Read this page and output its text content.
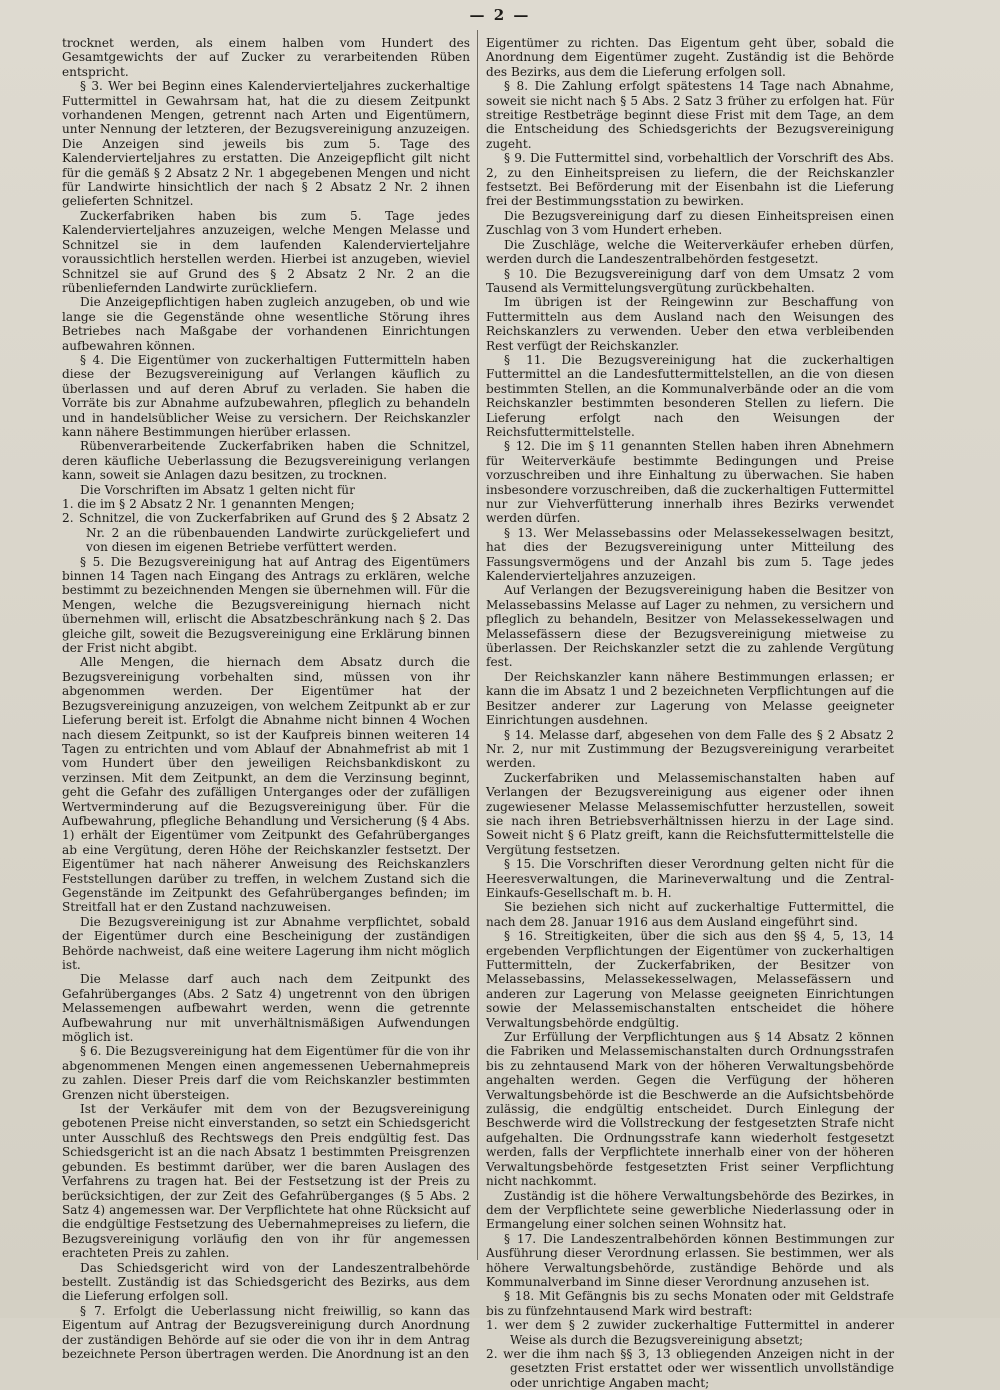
— 2 —

trocknet werden, als einem halben vom Hundert des Gesamtgewichts der auf Zucker zu verarbeitenden Rüben entspricht.

§ 3. Wer bei Beginn eines Kalendervierteljahres zuckerhaltige Futtermittel in Gewahrsam hat, hat die zu diesem Zeitpunkt vorhandenen Mengen, getrennt nach Arten und Eigentümern, unter Nennung der letzteren, der Bezugsvereinigung anzuzeigen. Die Anzeigen sind jeweils bis zum 5. Tage des Kalendervierteljahres zu erstatten. Die Anzeigepflicht gilt nicht für die gemäß § 2 Absatz 2 Nr. 1 abgegebenen Mengen und nicht für Landwirte hinsichtlich der nach § 2 Absatz 2 Nr. 2 ihnen gelieferten Schnitzel.

Zuckerfabriken haben bis zum 5. Tage jedes Kalendervierteljahres anzuzeigen, welche Mengen Melasse und Schnitzel sie in dem laufenden Kalendervierteljahre voraussichtlich herstellen werden. Hierbei ist anzugeben, wieviel Schnitzel sie auf Grund des § 2 Absatz 2 Nr. 2 an die rübenliefernden Landwirte zurückliefern.

Die Anzeigepflichtigen haben zugleich anzugeben, ob und wie lange sie die Gegenstände ohne wesentliche Störung ihres Betriebes nach Maßgabe der vorhandenen Einrichtungen aufbewahren können.

§ 4. Die Eigentümer von zuckerhaltigen Futtermitteln haben diese der Bezugsvereinigung auf Verlangen käuflich zu überlassen und auf deren Abruf zu verladen. Sie haben die Vorräte bis zur Abnahme aufzubewahren, pfleglich zu behandeln und in handelsüblicher Weise zu versichern. Der Reichskanzler kann nähere Bestimmungen hierüber erlassen.

Rübenverarbeitende Zuckerfabriken haben die Schnitzel, deren käufliche Ueberlassung die Bezugsvereinigung verlangen kann, soweit sie Anlagen dazu besitzen, zu trocknen.

Die Vorschriften im Absatz 1 gelten nicht für

1. die im § 2 Absatz 2 Nr. 1 genannten Mengen;
2. Schnitzel, die von Zuckerfabriken auf Grund des § 2 Absatz 2 Nr. 2 an die rübenbauenden Landwirte zurückgeliefert und von diesen im eigenen Betriebe verfüttert werden.

§ 5. Die Bezugsvereinigung hat auf Antrag des Eigentümers binnen 14 Tagen nach Eingang des Antrags zu erklären, welche bestimmt zu bezeichnenden Mengen sie übernehmen will. Für die Mengen, welche die Bezugsvereinigung hiernach nicht übernehmen will, erlischt die Absatzbeschränkung nach § 2. Das gleiche gilt, soweit die Bezugsvereinigung eine Erklärung binnen der Frist nicht abgibt.

Alle Mengen, die hiernach dem Absatz durch die Bezugsvereinigung vorbehalten sind, müssen von ihr abgenommen werden. Der Eigentümer hat der Bezugsvereinigung anzuzeigen, von welchem Zeitpunkt ab er zur Lieferung bereit ist. Erfolgt die Abnahme nicht binnen 4 Wochen nach diesem Zeitpunkt, so ist der Kaufpreis binnen weiteren 14 Tagen zu entrichten und vom Ablauf der Abnahmefrist ab mit 1 vom Hundert über den jeweiligen Reichsbankdiskont zu verzinsen. Mit dem Zeitpunkt, an dem die Verzinsung beginnt, geht die Gefahr des zufälligen Unterganges oder der zufälligen Wertverminderung auf die Bezugsvereinigung über. Für die Aufbewahrung, pflegliche Behandlung und Versicherung (§ 4 Abs. 1) erhält der Eigentümer vom Zeitpunkt des Gefahrüberganges ab eine Vergütung, deren Höhe der Reichskanzler festsetzt. Der Eigentümer hat nach näherer Anweisung des Reichskanzlers Feststellungen darüber zu treffen, in welchem Zustand sich die Gegenstände im Zeitpunkt des Gefahrüberganges befinden; im Streitfall hat er den Zustand nachzuweisen.

Die Bezugsvereinigung ist zur Abnahme verpflichtet, sobald der Eigentümer durch eine Bescheinigung der zuständigen Behörde nachweist, daß eine weitere Lagerung ihm nicht möglich ist.

Die Melasse darf auch nach dem Zeitpunkt des Gefahrüberganges (Abs. 2 Satz 4) ungetrennt von den übrigen Melassemengen aufbewahrt werden, wenn die getrennte Aufbewahrung nur mit unverhältnismäßigen Aufwendungen möglich ist.

§ 6. Die Bezugsvereinigung hat dem Eigentümer für die von ihr abgenommenen Mengen einen angemessenen Uebernahmepreis zu zahlen. Dieser Preis darf die vom Reichskanzler bestimmten Grenzen nicht übersteigen.

Ist der Verkäufer mit dem von der Bezugsvereinigung gebotenen Preise nicht einverstanden, so setzt ein Schiedsgericht unter Ausschluß des Rechtswegs den Preis endgültig fest. Das Schiedsgericht ist an die nach Absatz 1 bestimmten Preisgrenzen gebunden. Es bestimmt darüber, wer die baren Auslagen des Verfahrens zu tragen hat. Bei der Festsetzung ist der Preis zu berücksichtigen, der zur Zeit des Gefahrüberganges (§ 5 Abs. 2 Satz 4) angemessen war. Der Verpflichtete hat ohne Rücksicht auf die endgültige Festsetzung des Uebernahmepreises zu liefern, die Bezugsvereinigung vorläufig den von ihr für angemessen erachteten Preis zu zahlen.

Das Schiedsgericht wird von der Landeszentralbehörde bestellt. Zuständig ist das Schiedsgericht des Bezirks, aus dem die Lieferung erfolgen soll.

§ 7. Erfolgt die Ueberlassung nicht freiwillig, so kann das Eigentum auf Antrag der Bezugsvereinigung durch Anordnung der zuständigen Behörde auf sie oder die von ihr in dem Antrag bezeichnete Person übertragen werden. Die Anordnung ist an den

Eigentümer zu richten. Das Eigentum geht über, sobald die Anordnung dem Eigentümer zugeht. Zuständig ist die Behörde des Bezirks, aus dem die Lieferung erfolgen soll.

§ 8. Die Zahlung erfolgt spätestens 14 Tage nach Abnahme, soweit sie nicht nach § 5 Abs. 2 Satz 3 früher zu erfolgen hat. Für streitige Restbeträge beginnt diese Frist mit dem Tage, an dem die Entscheidung des Schiedsgerichts der Bezugsvereinigung zugeht.

§ 9. Die Futtermittel sind, vorbehaltlich der Vorschrift des Abs. 2, zu den Einheitspreisen zu liefern, die der Reichskanzler festsetzt. Bei Beförderung mit der Eisenbahn ist die Lieferung frei der Bestimmungsstation zu bewirken.

Die Bezugsvereinigung darf zu diesen Einheitspreisen einen Zuschlag von 3 vom Hundert erheben.

Die Zuschläge, welche die Weiterverkäufer erheben dürfen, werden durch die Landeszentralbehörden festgesetzt.

§ 10. Die Bezugsvereinigung darf von dem Umsatz 2 vom Tausend als Vermittelungsvergütung zurückbehalten.

Im übrigen ist der Reingewinn zur Beschaffung von Futtermitteln aus dem Ausland nach den Weisungen des Reichskanzlers zu verwenden. Ueber den etwa verbleibenden Rest verfügt der Reichskanzler.

§ 11. Die Bezugsvereinigung hat die zuckerhaltigen Futtermittel an die Landesfuttermittelstellen, an die von diesen bestimmten Stellen, an die Kommunalverbände oder an die vom Reichskanzler bestimmten besonderen Stellen zu liefern. Die Lieferung erfolgt nach den Weisungen der Reichsfuttermittelstelle.

§ 12. Die im § 11 genannten Stellen haben ihren Abnehmern für Weiterverkäufe bestimmte Bedingungen und Preise vorzuschreiben und ihre Einhaltung zu überwachen. Sie haben insbesondere vorzuschreiben, daß die zuckerhaltigen Futtermittel nur zur Viehverfütterung innerhalb ihres Bezirks verwendet werden dürfen.

§ 13. Wer Melassebassins oder Melassekesselwagen besitzt, hat dies der Bezugsvereinigung unter Mitteilung des Fassungsvermögens und der Anzahl bis zum 5. Tage jedes Kalendervierteljahres anzuzeigen.

Auf Verlangen der Bezugsvereinigung haben die Besitzer von Melassebassins Melasse auf Lager zu nehmen, zu versichern und pfleglich zu behandeln, Besitzer von Melassekesselwagen und Melassefässern diese der Bezugsvereinigung mietweise zu überlassen. Der Reichskanzler setzt die zu zahlende Vergütung fest.

Der Reichskanzler kann nähere Bestimmungen erlassen; er kann die im Absatz 1 und 2 bezeichneten Verpflichtungen auf die Besitzer anderer zur Lagerung von Melasse geeigneter Einrichtungen ausdehnen.

§ 14. Melasse darf, abgesehen von dem Falle des § 2 Absatz 2 Nr. 2, nur mit Zustimmung der Bezugsvereinigung verarbeitet werden.

Zuckerfabriken und Melassemischanstalten haben auf Verlangen der Bezugsvereinigung aus eigener oder ihnen zugewiesener Melasse Melassemischfutter herzustellen, soweit sie nach ihren Betriebsverhältnissen hierzu in der Lage sind. Soweit nicht § 6 Platz greift, kann die Reichsfuttermittelstelle die Vergütung festsetzen.

§ 15. Die Vorschriften dieser Verordnung gelten nicht für die Heeresverwaltungen, die Marineverwaltung und die Zentral-Einkaufs-Gesellschaft m. b. H.

Sie beziehen sich nicht auf zuckerhaltige Futtermittel, die nach dem 28. Januar 1916 aus dem Ausland eingeführt sind.

§ 16. Streitigkeiten, über die sich aus den §§ 4, 5, 13, 14 ergebenden Verpflichtungen der Eigentümer von zuckerhaltigen Futtermitteln, der Zuckerfabriken, der Besitzer von Melassebassins, Melassekesselwagen, Melassefässern und anderen zur Lagerung von Melasse geeigneten Einrichtungen sowie der Melassemischanstalten entscheidet die höhere Verwaltungsbehörde endgültig.

Zur Erfüllung der Verpflichtungen aus § 14 Absatz 2 können die Fabriken und Melassemischanstalten durch Ordnungsstrafen bis zu zehntausend Mark von der höheren Verwaltungsbehörde angehalten werden. Gegen die Verfügung der höheren Verwaltungsbehörde ist die Beschwerde an die Aufsichtsbehörde zulässig, die endgültig entscheidet. Durch Einlegung der Beschwerde wird die Vollstreckung der festgesetzten Strafe nicht aufgehalten. Die Ordnungsstrafe kann wiederholt festgesetzt werden, falls der Verpflichtete innerhalb einer von der höheren Verwaltungsbehörde festgesetzten Frist seiner Verpflichtung nicht nachkommt.

Zuständig ist die höhere Verwaltungsbehörde des Bezirkes, in dem der Verpflichtete seine gewerbliche Niederlassung oder in Ermangelung einer solchen seinen Wohnsitz hat.

§ 17. Die Landeszentralbehörden können Bestimmungen zur Ausführung dieser Verordnung erlassen. Sie bestimmen, wer als höhere Verwaltungsbehörde, zuständige Behörde und als Kommunalverband im Sinne dieser Verordnung anzusehen ist.

§ 18. Mit Gefängnis bis zu sechs Monaten oder mit Geldstrafe bis zu fünfzehntausend Mark wird bestraft:

1. wer dem § 2 zuwider zuckerhaltige Futtermittel in anderer Weise als durch die Bezugsvereinigung absetzt;
2. wer die ihm nach §§ 3, 13 obliegenden Anzeigen nicht in der gesetzten Frist erstattet oder wer wissentlich unvollständige oder unrichtige Angaben macht;
